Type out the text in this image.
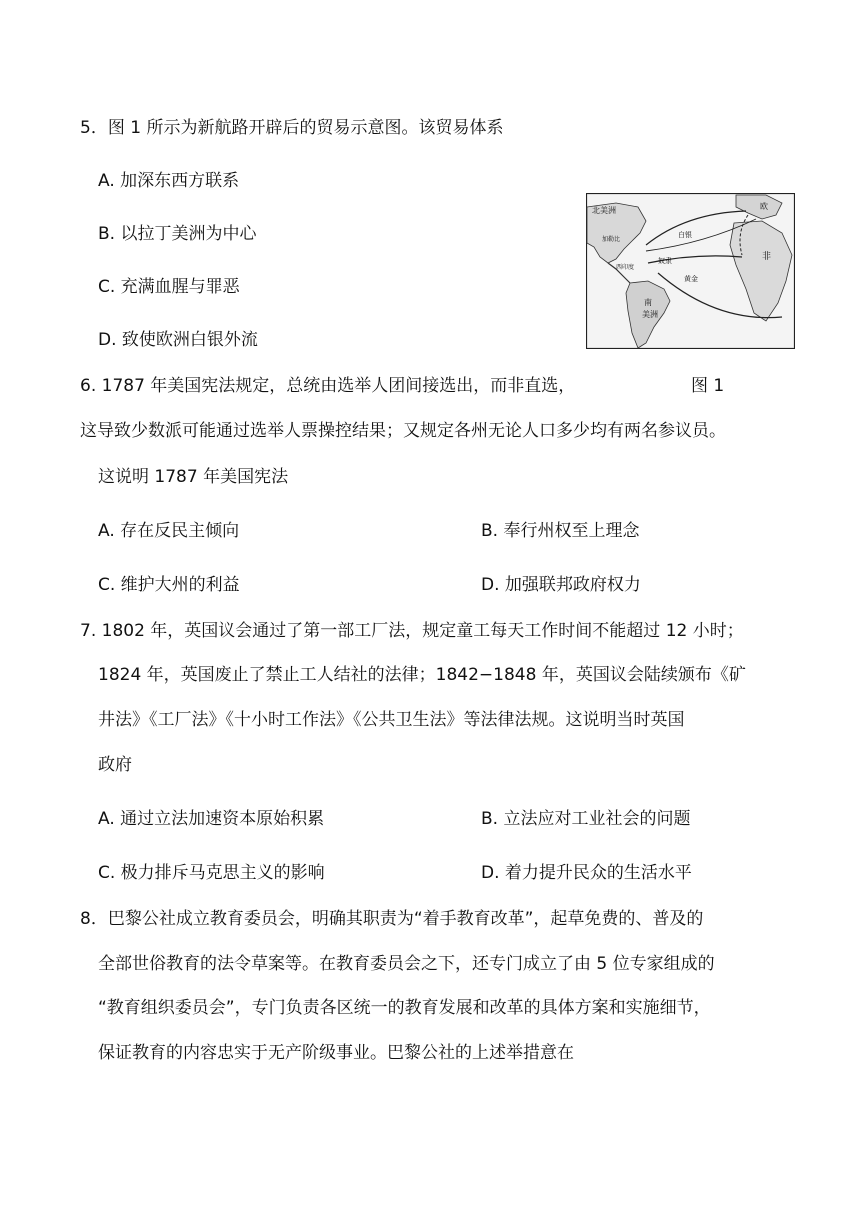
5．图 1 所示为新航路开辟后的贸易示意图。该贸易体系
A. 加深东西方联系
B. 以拉丁美洲为中心
C. 充满血腥与罪恶
D. 致使欧洲白银外流
北美 洲	欧
非
南
美洲
白银
奴隶
黄金
加勒比
西印度
图 1
6. 1787 年美国宪法规定，总统由选举人团间接选出，而非直选，
这导致少数派可能通过选举人票操控结果；又规定各州无论人口多少均有两名参议员。
这说明 1787 年美国宪法
A. 存在反民主倾向	B. 奉行州权至上理念
C. 维护大州的利益	D. 加强联邦政府权力
7. 1802 年，英国议会通过了第一部工厂法，规定童工每天工作时间不能超过 12 小时；
1824 年，英国废止了禁止工人结社的法律；1842−1848 年，英国议会陆续颁布《矿
井法》《工厂法》《十小时工作法》《公共卫生法》等法律法规。这说明当时英国
政府
A. 通过立法加速资本原始积累	B. 立法应对工业社会的问题
C. 极力排斥马克思主义的影响	D. 着力提升民众的生活水平
8．巴黎公社成立教育委员会，明确其职责为“着手教育改革”，起草免费的、普及的
全部世俗教育的法令草案等。在教育委员会之下，还专门成立了由 5 位专家组成的
“教育组织委员会”，专门负责各区统一的教育发展和改革的具体方案和实施细节，
保证教育的内容忠实于无产阶级事业。巴黎公社的上述举措意在
